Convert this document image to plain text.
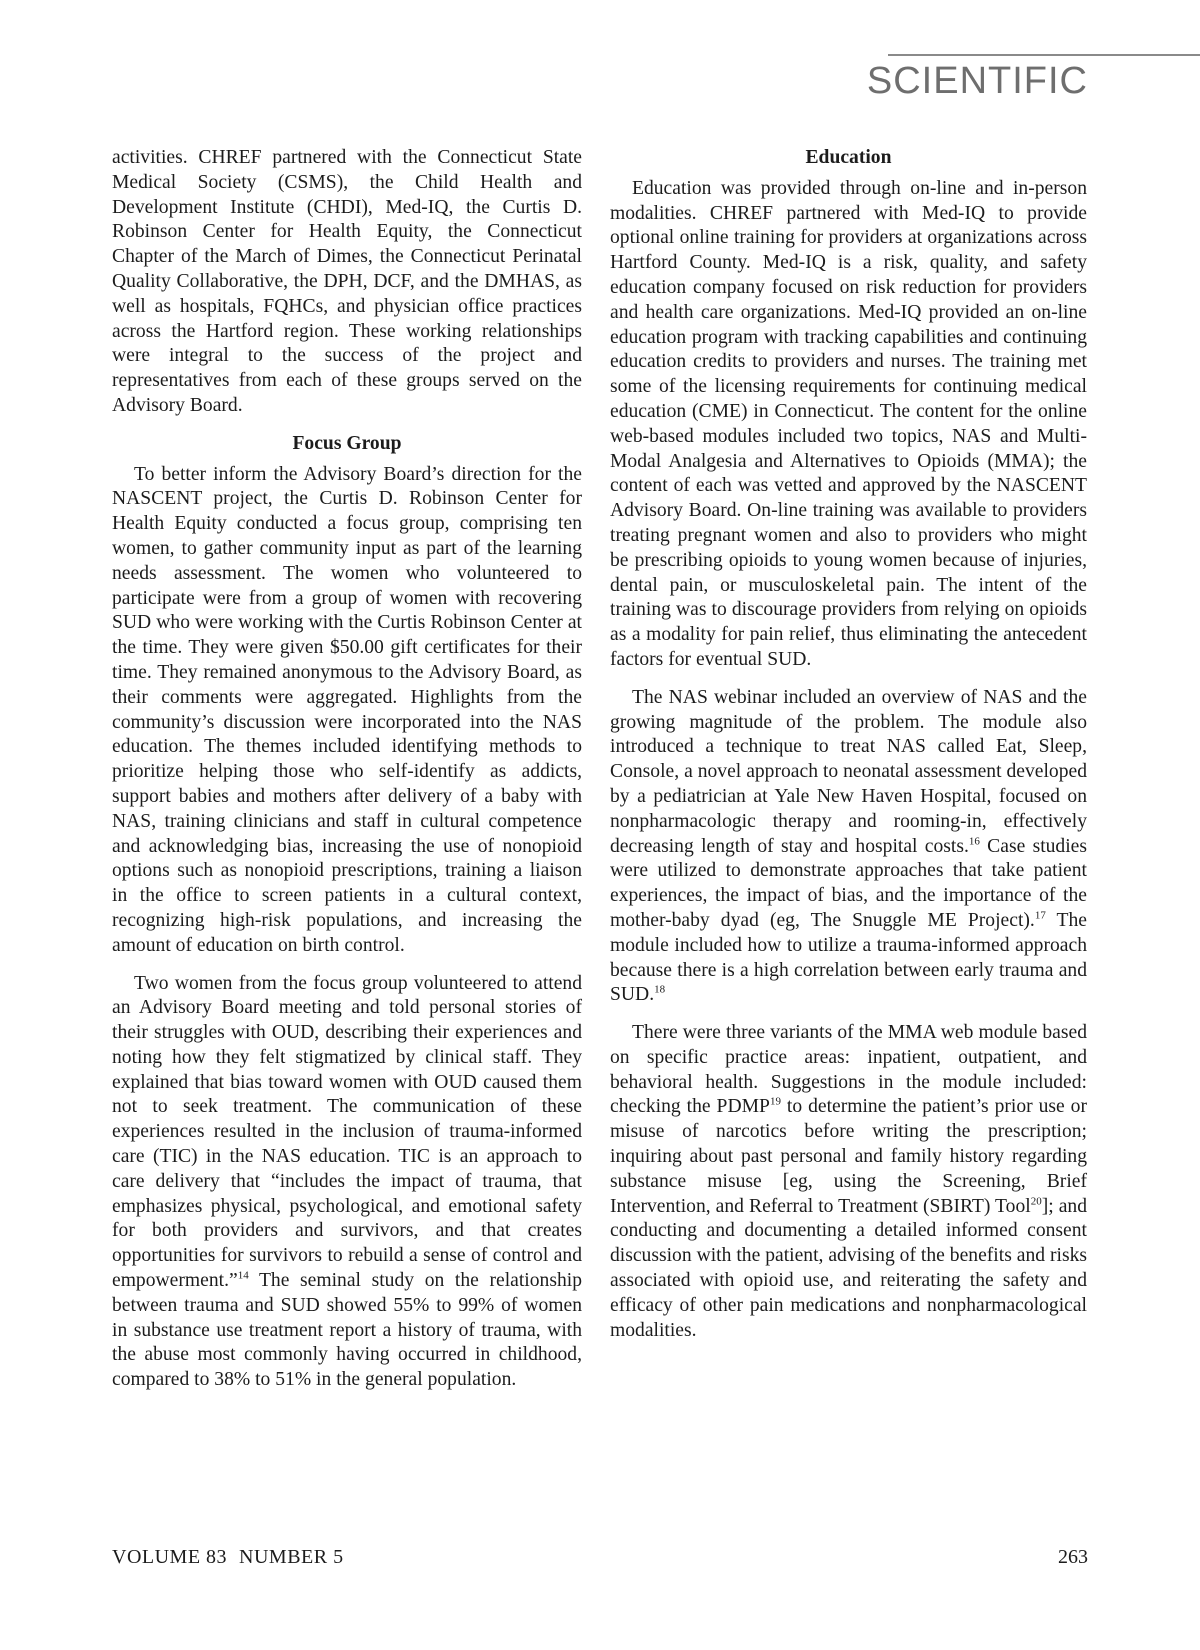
SCIENTIFIC

activities. CHREF partnered with the Connecticut State Medical Society (CSMS), the Child Health and Development Institute (CHDI), Med-IQ, the Curtis D. Robinson Center for Health Equity, the Connecticut Chapter of the March of Dimes, the Connecticut Perinatal Quality Collaborative, the DPH, DCF, and the DMHAS, as well as hospitals, FQHCs, and physician office practices across the Hartford region. These working relationships were integral to the success of the project and representatives from each of these groups served on the Advisory Board.

Focus Group

To better inform the Advisory Board’s direction for the NASCENT project, the Curtis D. Robinson Center for Health Equity conducted a focus group, comprising ten women, to gather community input as part of the learning needs assessment. The women who volunteered to participate were from a group of women with recovering SUD who were working with the Curtis Robinson Center at the time. They were given $50.00 gift certificates for their time. They remained anonymous to the Advisory Board, as their comments were aggregated. Highlights from the community’s discussion were incorporated into the NAS education. The themes included identifying methods to prioritize helping those who self-identify as addicts, support babies and mothers after delivery of a baby with NAS, training clinicians and staff in cultural competence and acknowledging bias, increasing the use of nonopioid options such as nonopioid prescriptions, training a liaison in the office to screen patients in a cultural context, recognizing high-risk populations, and increasing the amount of education on birth control.

Two women from the focus group volunteered to attend an Advisory Board meeting and told personal stories of their struggles with OUD, describing their experiences and noting how they felt stigmatized by clinical staff. They explained that bias toward women with OUD caused them not to seek treatment. The communication of these experiences resulted in the inclusion of trauma-informed care (TIC) in the NAS education. TIC is an approach to care delivery that “includes the impact of trauma, that emphasizes physical, psychological, and emotional safety for both providers and survivors, and that creates opportunities for survivors to rebuild a sense of control and empowerment.”$^{14}$ The seminal study on the relationship between trauma and SUD showed 55% to 99% of women in substance use treatment report a history of trauma, with the abuse most commonly having occurred in childhood, compared to 38% to 51% in the general population.

Education

Education was provided through on-line and in-person modalities. CHREF partnered with Med-IQ to provide optional online training for providers at organizations across Hartford County. Med-IQ is a risk, quality, and safety education company focused on risk reduction for providers and health care organizations. Med-IQ provided an on-line education program with tracking capabilities and continuing education credits to providers and nurses. The training met some of the licensing requirements for continuing medical education (CME) in Connecticut. The content for the online web-based modules included two topics, NAS and Multi-Modal Analgesia and Alternatives to Opioids (MMA); the content of each was vetted and approved by the NASCENT Advisory Board. On-line training was available to providers treating pregnant women and also to providers who might be prescribing opioids to young women because of injuries, dental pain, or musculoskeletal pain. The intent of the training was to discourage providers from relying on opioids as a modality for pain relief, thus eliminating the antecedent factors for eventual SUD.

The NAS webinar included an overview of NAS and the growing magnitude of the problem. The module also introduced a technique to treat NAS called Eat, Sleep, Console, a novel approach to neonatal assessment developed by a pediatrician at Yale New Haven Hospital, focused on nonpharmacologic therapy and rooming-in, effectively decreasing length of stay and hospital costs.$^{16}$ Case studies were utilized to demonstrate approaches that take patient experiences, the impact of bias, and the importance of the mother-baby dyad (eg, The Snuggle ME Project).$^{17}$ The module included how to utilize a trauma-informed approach because there is a high correlation between early trauma and SUD.$^{18}$

There were three variants of the MMA web module based on specific practice areas: inpatient, outpatient, and behavioral health. Suggestions in the module included: checking the PDMP$^{19}$ to determine the patient’s prior use or misuse of narcotics before writing the prescription; inquiring about past personal and family history regarding substance misuse [eg, using the Screening, Brief Intervention, and Referral to Treatment (SBIRT) Tool$^{20}$]; and conducting and documenting a detailed informed consent discussion with the patient, advising of the benefits and risks associated with opioid use, and reiterating the safety and efficacy of other pain medications and nonpharmacological modalities.

VOLUME 83 NUMBER 5	263
